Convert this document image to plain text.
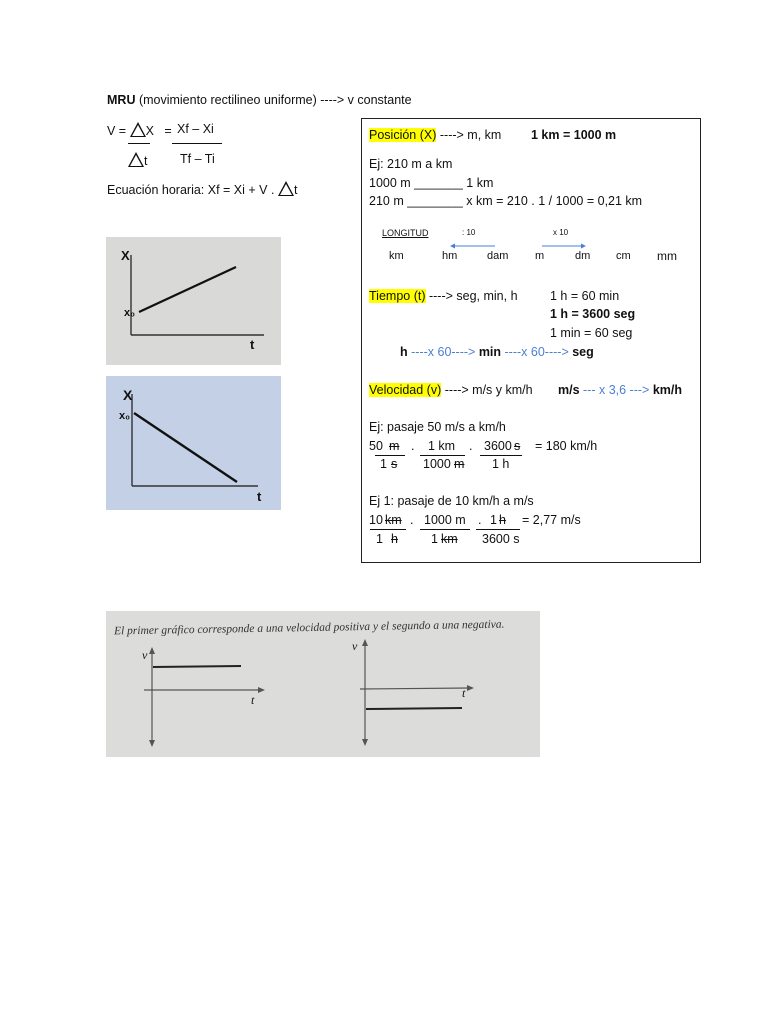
MRU (movimiento rectilineo uniforme) ----> v constante
V = X = Xf – Xi
t	Tf – Ti
Ecuación horaria: Xf = Xi + V . t
X
x₀
t
X
x₀
t
Posición (X) ----> m, km 1 km = 1000 m
Ej: 210 m a km
1000 m _______ 1 km
210 m ________ x km = 210 . 1 / 1000 = 0,21 km
LONGITUD	: 10	x 10
km	hm	dam m	dm cm mm
Tiempo (t) ----> seg, min, h	1 h = 60 min
1 h = 3600 seg
1 min = 60 seg
h ----x 60----> min ----x 60----> seg
Velocidad (v) ----> m/s y km/h m/s --- x 3,6 ---> km/h
Ej: pasaje 50 m/s a km/h
50 m . 1 km . 3600 s = 180 km/h
1 s 1000 m 1 h
Ej 1: pasaje de 10 km/h a m/s
10 km . 1000 m . 1 h = 2,77 m/s
1 h	1 km 3600 s
El primer gráfico corresponde a una velocidad positiva y el segundo a una negativa.
v
t
v
t
